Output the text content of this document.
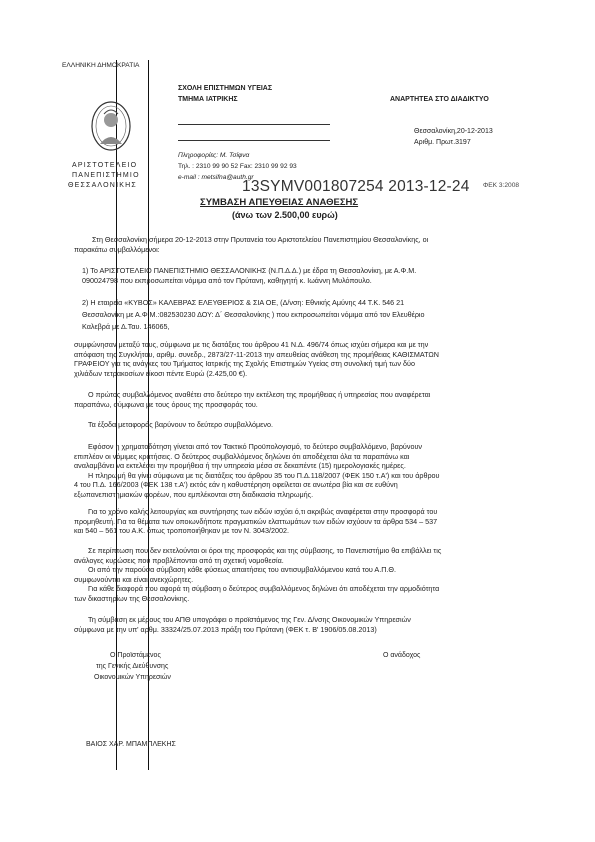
ΕΛΛΗΝΙΚΗ ΔΗΜΟΚΡΑΤΙΑ
ΑΡΙΣΤΟΤΕΛΕΙΟ
ΠΑΝΕΠΙΣΤΗΜΙΟ
ΘΕΣΣΑΛΟΝΙΚΗΣ
ΣΧΟΛΗ ΕΠΙΣΤΗΜΩΝ ΥΓΕΙΑΣ
ΤΜΗΜΑ ΙΑΤΡΙΚΗΣ
Πληροφορίες: Μ. Τσίφνα
Τηλ. : 2310 99 90 52 Fax: 2310 99 92 93
e-mail : metsifna@auth.gr
ΑΝΑΡΤΗΤΕΑ ΣΤΟ ΔΙΑΔΙΚΤΥΟ
Θεσσαλονίκη,20-12-2013
Αριθμ. Πρωτ.3197
13SYMV001807254 2013-12-24 ΦΕΚ 3:2008
ΣΥΜΒΑΣΗ ΑΠΕΥΘΕΙΑΣ ΑΝΑΘΕΣΗΣ
(άνω των 2.500,00 ευρώ)
Στη Θεσσαλονίκη σήμερα 20-12-2013 στην Πρυτανεία του Αριστοτελείου Πανεπιστημίου Θεσσαλονίκης, οι
παρακάτω συμβαλλόμενοι:
1) Το ΑΡΙΣΤΟΤΕΛΕΙΟ ΠΑΝΕΠΙΣΤΗΜΙΟ ΘΕΣΣΑΛΟΝΙΚΗΣ (Ν.Π.Δ.Δ.) με έδρα τη Θεσσαλονίκη, με Α.Φ.Μ.
090024798 που εκπροσωπείται νόμιμα από τον Πρύτανη, καθηγητή κ. Ιωάννη Μυλόπουλο.
2) Η εταιρεία «ΚΥΒΟΣ» ΚΑΛΕΒΡΑΣ ΕΛΕΥΘΕΡΙΟΣ & ΣΙΑ ΟΕ, (Δ/νση: Εθνικής Αμύνης 44 Τ.Κ. 546 21
Θεσσαλονίκη με Α.Φ.Μ.:082530230 ΔΟΥ: Δ΄ Θεσσαλονίκης ) που εκπροσωπείται νόμιμα από τον Ελευθέριο
Καλεβρά με Δ.Ταυ. 146065,
συμφώνησαν μεταξύ τους, σύμφωνα με τις διατάξεις του άρθρου 41 Ν.Δ. 496/74 όπως ισχύει σήμερα και με την
απόφαση της Συγκλήτου, αριθμ. συνεδρ., 2873/27-11-2013 την απευθείας ανάθεση της προμήθειας ΚΑΘΙΣΜΑΤΩΝ
ΓΡΑΦΕΙΟΥ για τις ανάγκες του Τμήματος Ιατρικής της Σχολής Επιστημών Υγείας στη συνολική τιμή των δύο
χιλιάδων τετρακοσίων είκοσι πέντε Ευρώ (2.425,00 €).
Ο πρώτος συμβαλλόμενος αναθέτει στο δεύτερο την εκτέλεση της προμήθειας ή υπηρεσίας που αναφέρεται
παραπάνω, σύμφωνα με τους όρους της προσφοράς του.
Τα έξοδα μεταφοράς βαρύνουν το δεύτερο συμβαλλόμενο.
Εφόσον η χρηματοδότηση γίνεται από τον Τακτικό Προϋπολογισμό, το δεύτερο συμβαλλόμενο, βαρύνουν
επιπλέον οι νόμιμες κρατήσεις. Ο δεύτερος συμβαλλόμενος δηλώνει ότι αποδέχεται όλα τα παραπάνω και
αναλαμβάνει να εκτελέσει την προμήθεια ή την υπηρεσία μέσα σε δεκαπέντε (15) ημερολογιακές ημέρες.
Η πληρωμή θα γίνει σύμφωνα με τις διατάξεις του άρθρου 35 του Π.Δ.118/2007 (ΦΕΚ 150 τ.Α') και του άρθρου
4 του Π.Δ. 166/2003 (ΦΕΚ 138 τ.Α') εκτός εάν η καθυστέρηση οφείλεται σε ανωτέρα βία και σε ευθύνη
εξωπανεπιστημιακών φορέων, που εμπλέκονται στη διαδικασία πληρωμής.
Για το χρόνο καλής λειτουργίας και συντήρησης των ειδών ισχύει ό,τι ακριβώς αναφέρεται στην προσφορά του
προμηθευτή. Για τα θέματα των οποιωνδήποτε πραγματικών ελαττωμάτων των ειδών ισχύουν τα άρθρα 534 – 537
και 540 – 561 του Α.Κ. όπως τροποποιήθηκαν με τον Ν. 3043/2002.
Σε περίπτωση που δεν εκτελούνται οι όροι της προσφοράς και της σύμβασης, το Πανεπιστήμιο θα επιβάλλει τις
ανάλογες κυρώσεις που προβλέπονται από τη σχετική νομοθεσία.
Οι από την παρούσα σύμβαση κάθε φύσεως απαιτήσεις του αντισυμβαλλόμενου κατά του Α.Π.Θ.
συμφωνούνται και είναι ανεκχώρητες.
Για κάθε διαφορά που αφορά τη σύμβαση ο δεύτερος συμβαλλόμενος δηλώνει ότι αποδέχεται την αρμοδιότητα
των δικαστηρίων της Θεσσαλονίκης.
Τη σύμβαση εκ μέρους του ΑΠΘ υπογράφει ο προϊστάμενος της Γεν. Δ/νσης Οικονομικών Υπηρεσιών
σύμφωνα με την υπ' αρθμ. 33324/25.07.2013 πράξη του Πρύτανη (ΦΕΚ τ. Β' 1906/05.08.2013)
Ο Προϊστάμενος
της Γενικής Διεύθυνσης
Οικονομικών Υπηρεσιών
ΒΑΙΟΣ ΧΑΡ. ΜΠΑΜΠΛΕΚΗΣ
Ο ανάδοχος
